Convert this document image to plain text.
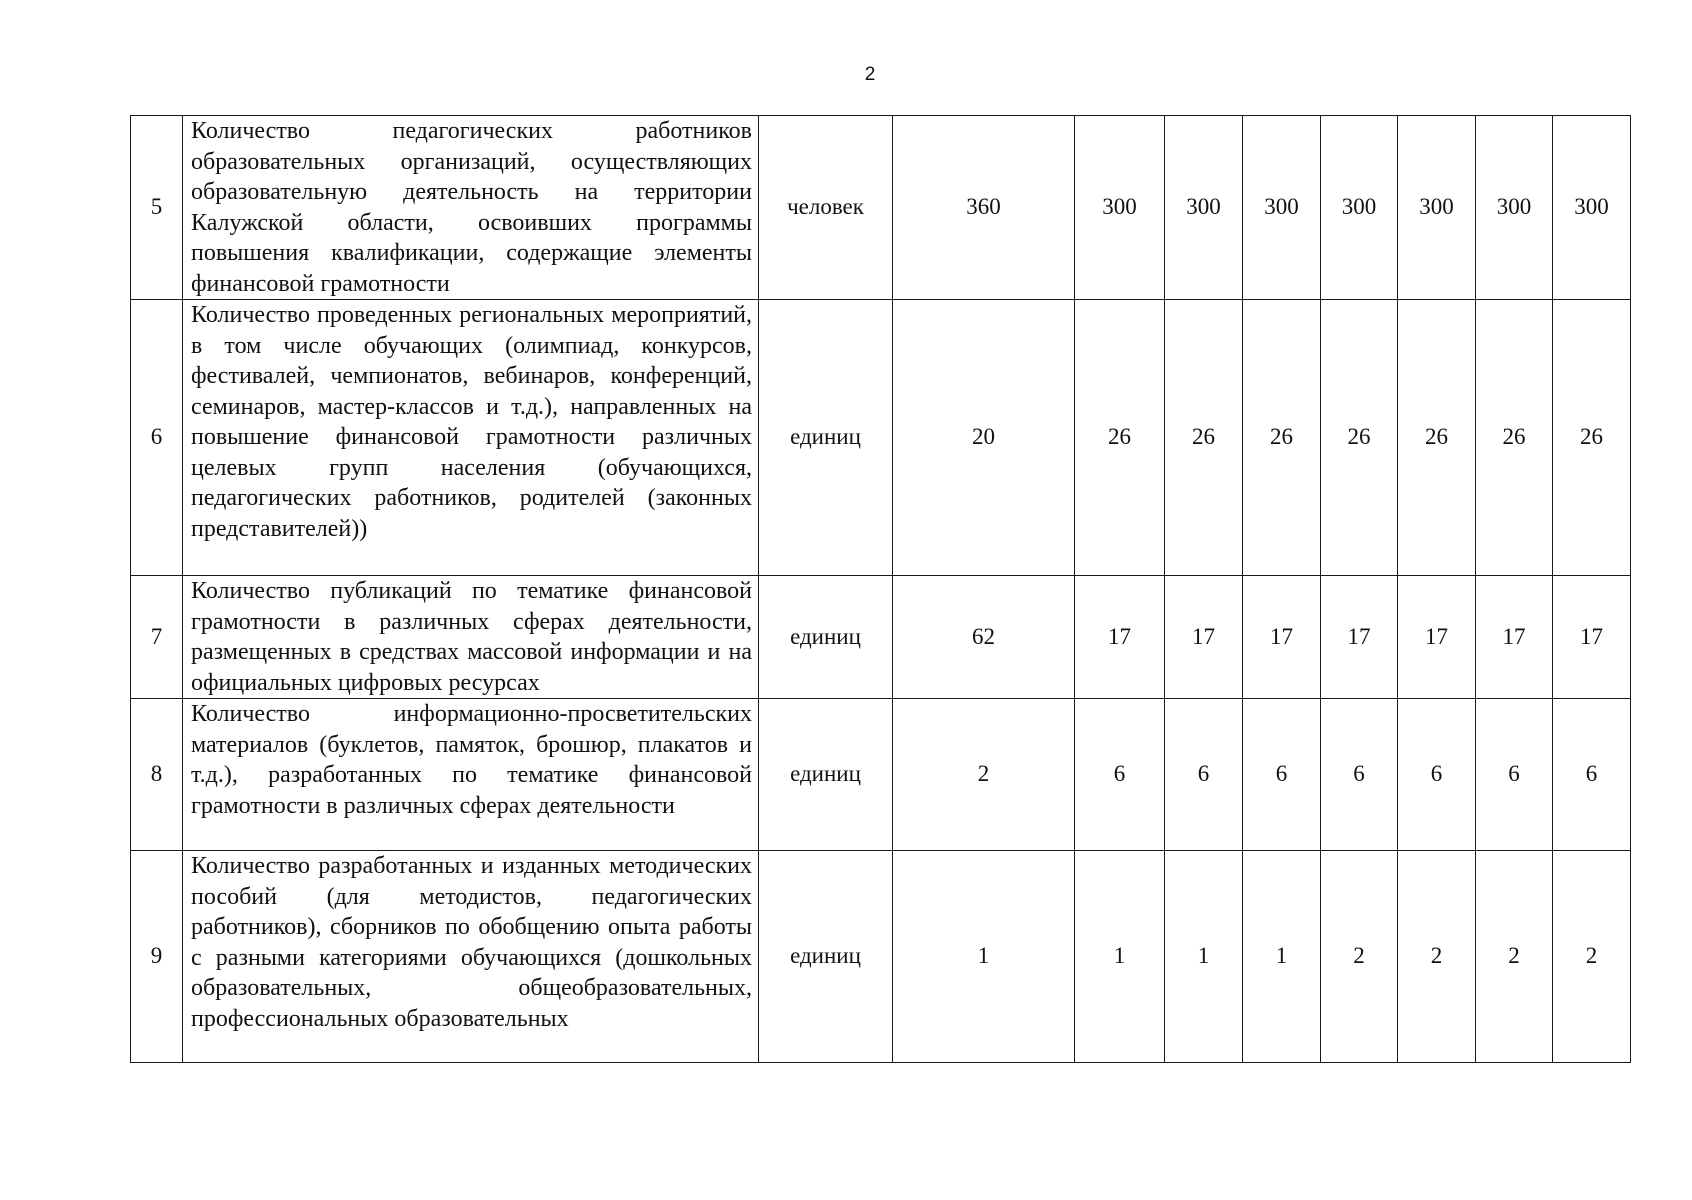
2
5	Количество педагогических работников образовательных организаций, осуществляющих образовательную деятельность на территории Калужской области, освоивших программы повышения квалификации, содержащие элементы финансовой грамотности	человек	360	300	300	300	300	300	300	300
6	Количество проведенных региональных мероприятий, в том числе обучающих (олимпиад, конкурсов, фестивалей, чемпионатов, вебинаров, конференций, семинаров, мастер-классов и т.д.), направленных на повышение финансовой грамотности различных целевых групп населения (обучающихся, педагогических работников, родителей (законных представителей))	единиц	20	26	26	26	26	26	26	26
7	Количество публикаций по тематике финансовой грамотности в различных сферах деятельности, размещенных в средствах массовой информации и на официальных цифровых ресурсах	единиц	62	17	17	17	17	17	17	17
8	Количество информационно-просветительских материалов (буклетов, памяток, брошюр, плакатов и т.д.), разработанных по тематике финансовой грамотности в различных сферах деятельности	единиц	2	6	6	6	6	6	6	6
9	Количество разработанных и изданных методических пособий (для методистов, педагогических работников), сборников по обобщению опыта работы с разными категориями обучающихся (дошкольных образовательных, общеобразовательных, профессиональных образовательных	единиц	1	1	1	1	2	2	2	2
